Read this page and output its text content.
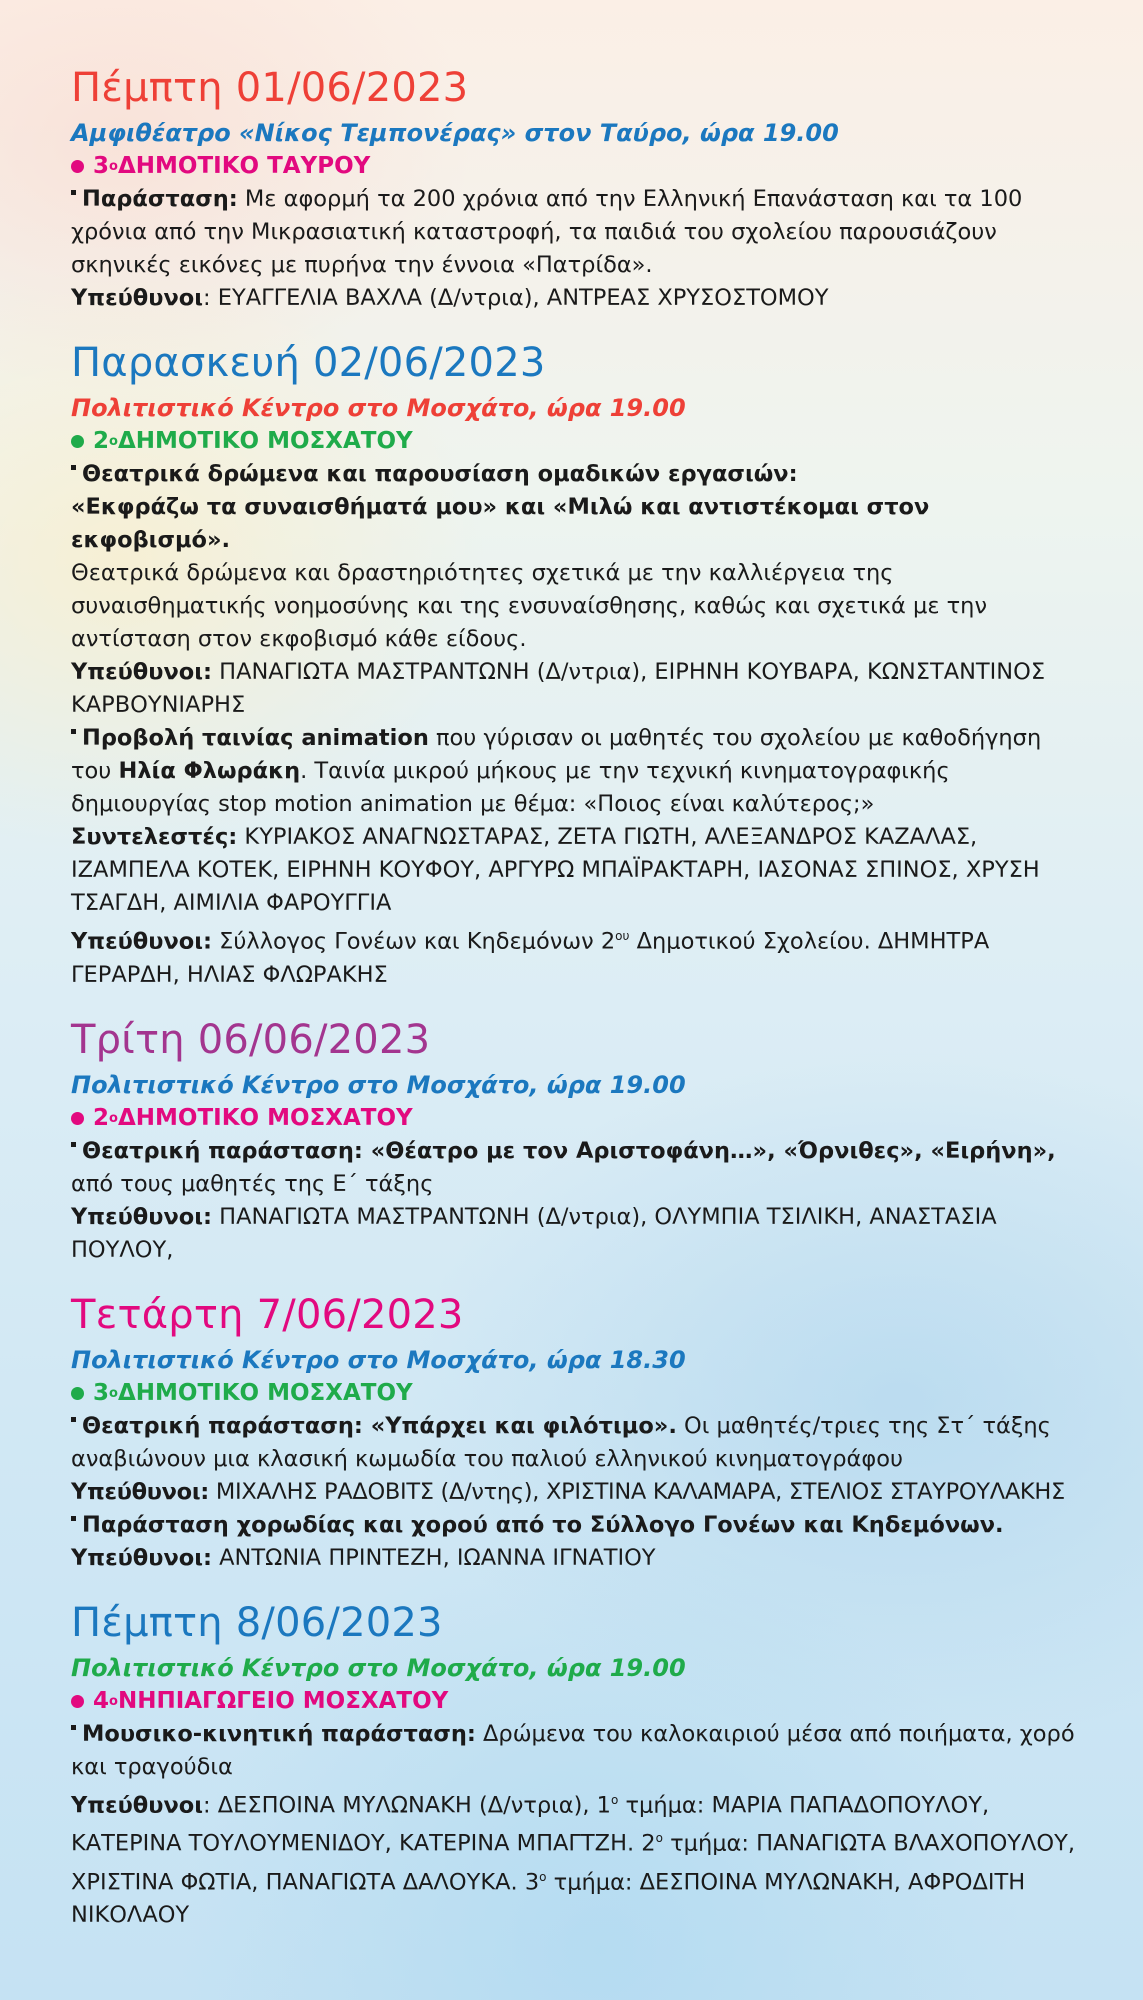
Πέμπτη 01/06/2023

Αμφιθέατρο «Νίκος Τεμπονέρας» στον Ταύρο, ώρα 19.00

3 ο ΔΗΜΟΤΙΚΟ ΤΑΥΡΟΥ

Παράσταση: Με αφορμή τα 200 χρόνια από την Ελληνική Επανάσταση και τα 100 χρόνια από την Μικρασιατική καταστροφή, τα παιδιά του σχολείου παρουσιάζουν σκηνικές εικόνες με πυρήνα την έννοια «Πατρίδα».

Υπεύθυνοι: ΕΥΑΓΓΕΛΙΑ ΒΑΧΛΑ (Δ/ντρια), ΑΝΤΡΕΑΣ ΧΡΥΣΟΣΤΟΜΟΥ

Παρασκευή 02/06/2023

Πολιτιστικό Κέντρο στο Μοσχάτο, ώρα 19.00

2 ο ΔΗΜΟΤΙΚΟ ΜΟΣΧΑΤΟΥ

Θεατρικά δρώμενα και παρουσίαση ομαδικών εργασιών:

«Εκφράζω τα συναισθήματά μου» και «Μιλώ και αντιστέκομαι στον εκφοβισμό».

Θεατρικά δρώμενα και δραστηριότητες σχετικά με την καλλιέργεια της συναισθηματικής νοημοσύνης και της ενσυναίσθησης, καθώς και σχετικά με την αντίσταση στον εκφοβισμό κάθε είδους.

Υπεύθυνοι: ΠΑΝΑΓΙΩΤΑ ΜΑΣΤΡΑΝΤΩΝΗ (Δ/ντρια), ΕΙΡΗΝΗ ΚΟΥΒΑΡΑ, ΚΩΝΣΤΑΝΤΙΝΟΣ ΚΑΡΒΟΥΝΙΑΡΗΣ

Προβολή ταινίας animation που γύρισαν οι μαθητές του σχολείου με καθοδήγηση του Ηλία Φλωράκη. Ταινία μικρού μήκους με την τεχνική κινηματογραφικής δημιουργίας stop motion animation με θέμα: «Ποιος είναι καλύτερος;»

Συντελεστές: ΚΥΡΙΑΚΟΣ ΑΝΑΓΝΩΣΤΑΡΑΣ, ΖΕΤΑ ΓΙΩΤΗ, ΑΛΕΞΑΝΔΡΟΣ ΚΑΖΑΛΑΣ, ΙΖΑΜΠΕΛΑ ΚΟΤΕΚ, ΕΙΡΗΝΗ ΚΟΥΦΟΥ, ΑΡΓΥΡΩ ΜΠΑΪΡΑΚΤΑΡΗ, ΙΑΣΟΝΑΣ ΣΠΙΝΟΣ, ΧΡΥΣΗ ΤΣΑΓΔΗ, ΑΙΜΙΛΙΑ ΦΑΡΟΥΓΓΙΑ

Υπεύθυνοι: Σύλλογος Γονέων και Κηδεμόνων $2^{o\upsilon}$ Δημοτικού Σχολείου. ΔΗΜΗΤΡΑ ΓΕΡΑΡΔΗ, ΗΛΙΑΣ ΦΛΩΡΑΚΗΣ

Τρίτη 06/06/2023

Πολιτιστικό Κέντρο στο Μοσχάτο, ώρα 19.00

2 ο ΔΗΜΟΤΙΚΟ ΜΟΣΧΑΤΟΥ

Θεατρική παράσταση: «Θέατρο με τον Αριστοφάνη…», «Όρνιθες», «Ειρήνη», από τους μαθητές της Ε΄ τάξης

Υπεύθυνοι: ΠΑΝΑΓΙΩΤΑ ΜΑΣΤΡΑΝΤΩΝΗ (Δ/ντρια), ΟΛΥΜΠΙΑ ΤΣΙΛΙΚΗ, ΑΝΑΣΤΑΣΙΑ ΠΟΥΛΟΥ,

Τετάρτη 7/06/2023

Πολιτιστικό Κέντρο στο Μοσχάτο, ώρα 18.30

3 ο ΔΗΜΟΤΙΚΟ ΜΟΣΧΑΤΟΥ

Θεατρική παράσταση: «Υπάρχει και φιλότιμο». Οι μαθητές/τριες της Στ΄ τάξης αναβιώνουν μια κλασική κωμωδία του παλιού ελληνικού κινηματογράφου

Υπεύθυνοι: ΜΙΧΑΛΗΣ ΡΑΔΟΒΙΤΣ (Δ/ντης), ΧΡΙΣΤΙΝΑ ΚΑΛΑΜΑΡΑ, ΣΤΕΛΙΟΣ ΣΤΑΥΡΟΥΛΑΚΗΣ

Παράσταση χορωδίας και χορού από το Σύλλογο Γονέων και Κηδεμόνων.

Υπεύθυνοι: ΑΝΤΩΝΙΑ ΠΡΙΝΤΕΖΗ, ΙΩΑΝΝΑ ΙΓΝΑΤΙΟΥ

Πέμπτη 8/06/2023

Πολιτιστικό Κέντρο στο Μοσχάτο, ώρα 19.00

4 ο ΝΗΠΙΑΓΩΓΕΙΟ ΜΟΣΧΑΤΟΥ

Μουσικο-κινητική παράσταση: Δρώμενα του καλοκαιριού μέσα από ποιήματα, χορό και τραγούδια

Υπεύθυνοι: ΔΕΣΠΟΙΝΑ ΜΥΛΩΝΑΚΗ (Δ/ντρια), $1^o$ τμήμα: ΜΑΡΙΑ ΠΑΠΑΔΟΠΟΥΛΟΥ, ΚΑΤΕΡΙΝΑ ΤΟΥΛΟΥΜΕΝΙΔΟΥ, ΚΑΤΕΡΙΝΑ ΜΠΑΓΤΖΗ. $2^o$ τμήμα: ΠΑΝΑΓΙΩΤΑ ΒΛΑΧΟΠΟΥΛΟΥ, ΧΡΙΣΤΙΝΑ ΦΩΤΙΑ, ΠΑΝΑΓΙΩΤΑ ΔΑΛΟΥΚΑ. $3^o$ τμήμα: ΔΕΣΠΟΙΝΑ ΜΥΛΩΝΑΚΗ, ΑΦΡΟΔΙΤΗ ΝΙΚΟΛΑΟΥ
